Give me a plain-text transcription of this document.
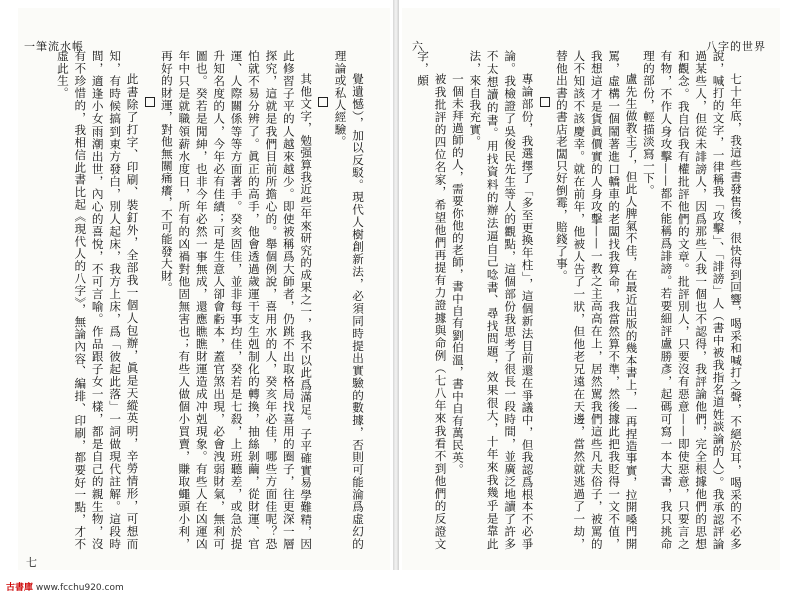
覺遺憾），加以反駁。現代人樹創新法，必須同時提出實驗的數據，否則可能淪爲虛幻的理論或私人經驗。

其他文字，勉强算我近些年來研究的成果之一，我不以此爲滿足。子平確實易學難精，因此修習子平的人越來越少。即使被稱爲大師者，仍跳不出取格局找喜用的圈子，往更深一層探究，這就是我們目前所擔心的。舉個例說，喜用水的人，癸亥年必佳，哪些方面佳呢？恐怕就不易分辨了。眞正的高手，他會透過歲運干支生剋制化的轉換，抽絲剝繭，從財運、官運、人際關係等等方面著手。癸亥固佳，並非每事均佳，癸若是七殺，上班聽差，或急於提升知名度的人，今年必有佳績；可是生意人卻會虧本，蓋官煞出現，必會洩弱財氣，無利可圖也。癸若是閒紳，也非今年必然一事無成，還應瞧瞧財運造成冲剋現象。有些人在凶運凶年中只是就職領薪水度日，所有的凶禍對他固無害也；有些人做個小買賣，賺取蠅頭小利，再好的財運，對他無關痛癢，不可能發大財。

此書除了打字、印刷、裝釘外，全部我一個人包辦，眞是天縱英明，辛勞情形，可想而知，有時候搞到東方發白，別人起床，我方上床，爲「彼起此落」一詞做現代註解。這段時間，適逢小女雨潮出世，內心的喜悅，不可言喻。作品跟子女一樣，都是自己的親生物，沒有不珍惜的，我相信此書比起《現代人的八字》，無論內容、編排、印刷，都要好一點，才不虛此生。

一筆流水帳
七
八字的世界
六

七十年底，我這些書發售後，很快得到回響，喝采和喊打之聲，不絕於耳，喝采的不必多說，喊打的文字，一律稱我「攻擊」、「誹謗」人（書中被我指名道姓談論的人）。我承認評論過某些人，但從未誹謗人，因爲那些人我一個也不認得，我評論他們，完全根據他們的思想和觀念。我自信我有權批評他們的文章。批評別人，只要沒有惡意——即使惡意，只要言之有物，不作人身攻擊——都不能稱爲誹謗。若要細評盧勝彥，起碼可寫一本大書，我只挑命理的部份，輕描淡寫一下。

盧先生做教主了，但此人脾氣不佳，在最近出版的幾本書上，一再捏造事實，拉開嗓門開罵，虛構一個鬧著進口轎車的老闆找我算命，我當然算不準，然後據此把我貶得一文不值，我想這才是貨眞價實的人身攻擊——一教之主高高在上，居然駡我們這些凡夫俗子，被罵的人不知該不該慶幸。就在前年，他被人告了一狀，但他老兄遠在天邊，當然就逃過了一劫，替他出書的書店老闆只好倒霉，賠錢了事。

專論部份，我選擇了「多至更換年柱」，這個新法目前還在爭議中，但我認爲根本不必爭論。我檢證了吳俊民先生等人的觀點，這個部份我思考了很長一段時間，並廣泛地讀了許多不太想讀的書。用找資料的辦法逼自己唸書、尋找問題，效果很大，十年來我幾乎是靠此法，來自我充實。

一個未拜過師的人，需要你他的老師，書中自有劉伯溫，書中自有萬民英。

被我批評的四位名家，希望他們再提有力證據與命例（七八年來我看不到他們的反證文字，頗

古書庫 www.fcchu920.com
